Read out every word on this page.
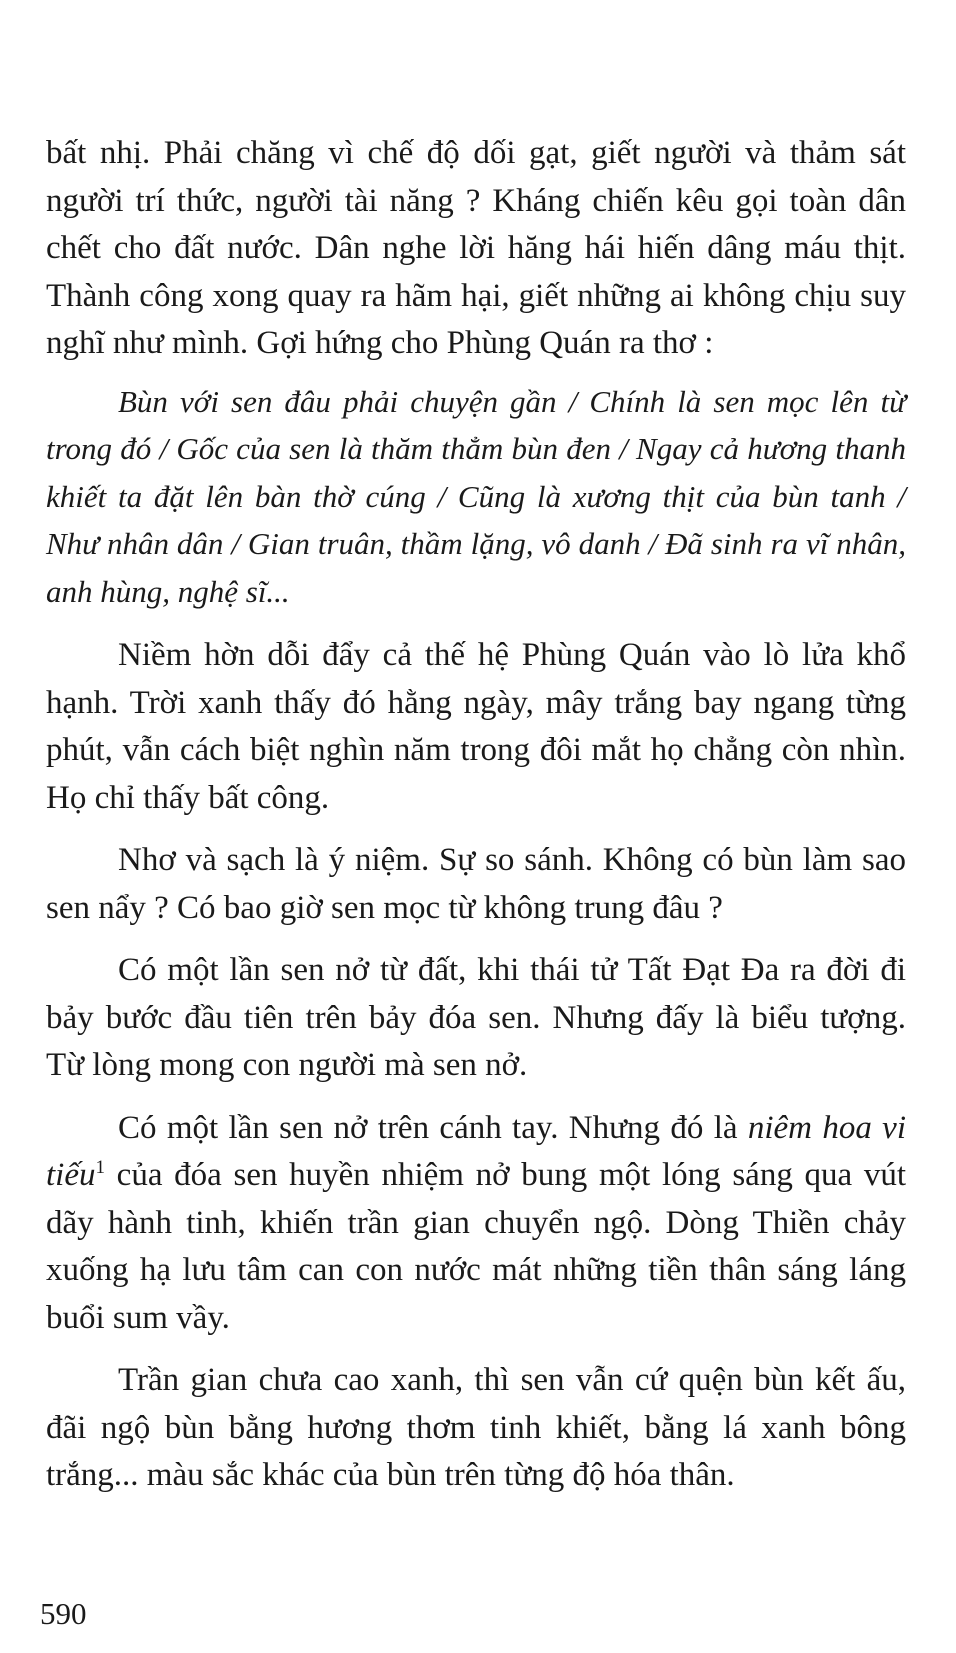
bất nhị. Phải chăng vì chế độ dối gạt, giết người và thảm sát người trí thức, người tài năng ? Kháng chiến kêu gọi toàn dân chết cho đất nước. Dân nghe lời hăng hái hiến dâng máu thịt. Thành công xong quay ra hãm hại, giết những ai không chịu suy nghĩ như mình. Gợi hứng cho Phùng Quán ra thơ :

Bùn với sen đâu phải chuyện gần / Chính là sen mọc lên từ trong đó / Gốc của sen là thăm thẳm bùn đen / Ngay cả hương thanh khiết ta đặt lên bàn thờ cúng / Cũng là xương thịt của bùn tanh / Như nhân dân / Gian truân, thầm lặng, vô danh / Đã sinh ra vĩ nhân, anh hùng, nghệ sĩ...

Niềm hờn dỗi đẩy cả thế hệ Phùng Quán vào lò lửa khổ hạnh. Trời xanh thấy đó hằng ngày, mây trắng bay ngang từng phút, vẫn cách biệt nghìn năm trong đôi mắt họ chẳng còn nhìn. Họ chỉ thấy bất công.

Nhơ và sạch là ý niệm. Sự so sánh. Không có bùn làm sao sen nẩy ? Có bao giờ sen mọc từ không trung đâu ?

Có một lần sen nở từ đất, khi thái tử Tất Đạt Đa ra đời đi bảy bước đầu tiên trên bảy đóa sen. Nhưng đấy là biểu tượng. Từ lòng mong con người mà sen nở.

Có một lần sen nở trên cánh tay. Nhưng đó là niêm hoa vi tiếu$^1$ của đóa sen huyền nhiệm nở bung một lóng sáng qua vút dãy hành tinh, khiến trần gian chuyển ngộ. Dòng Thiền chảy xuống hạ lưu tâm can con nước mát những tiền thân sáng láng buổi sum vầy.

Trần gian chưa cao xanh, thì sen vẫn cứ quện bùn kết ấu, đãi ngộ bùn bằng hương thơm tinh khiết, bằng lá xanh bông trắng... màu sắc khác của bùn trên từng độ hóa thân.

590
